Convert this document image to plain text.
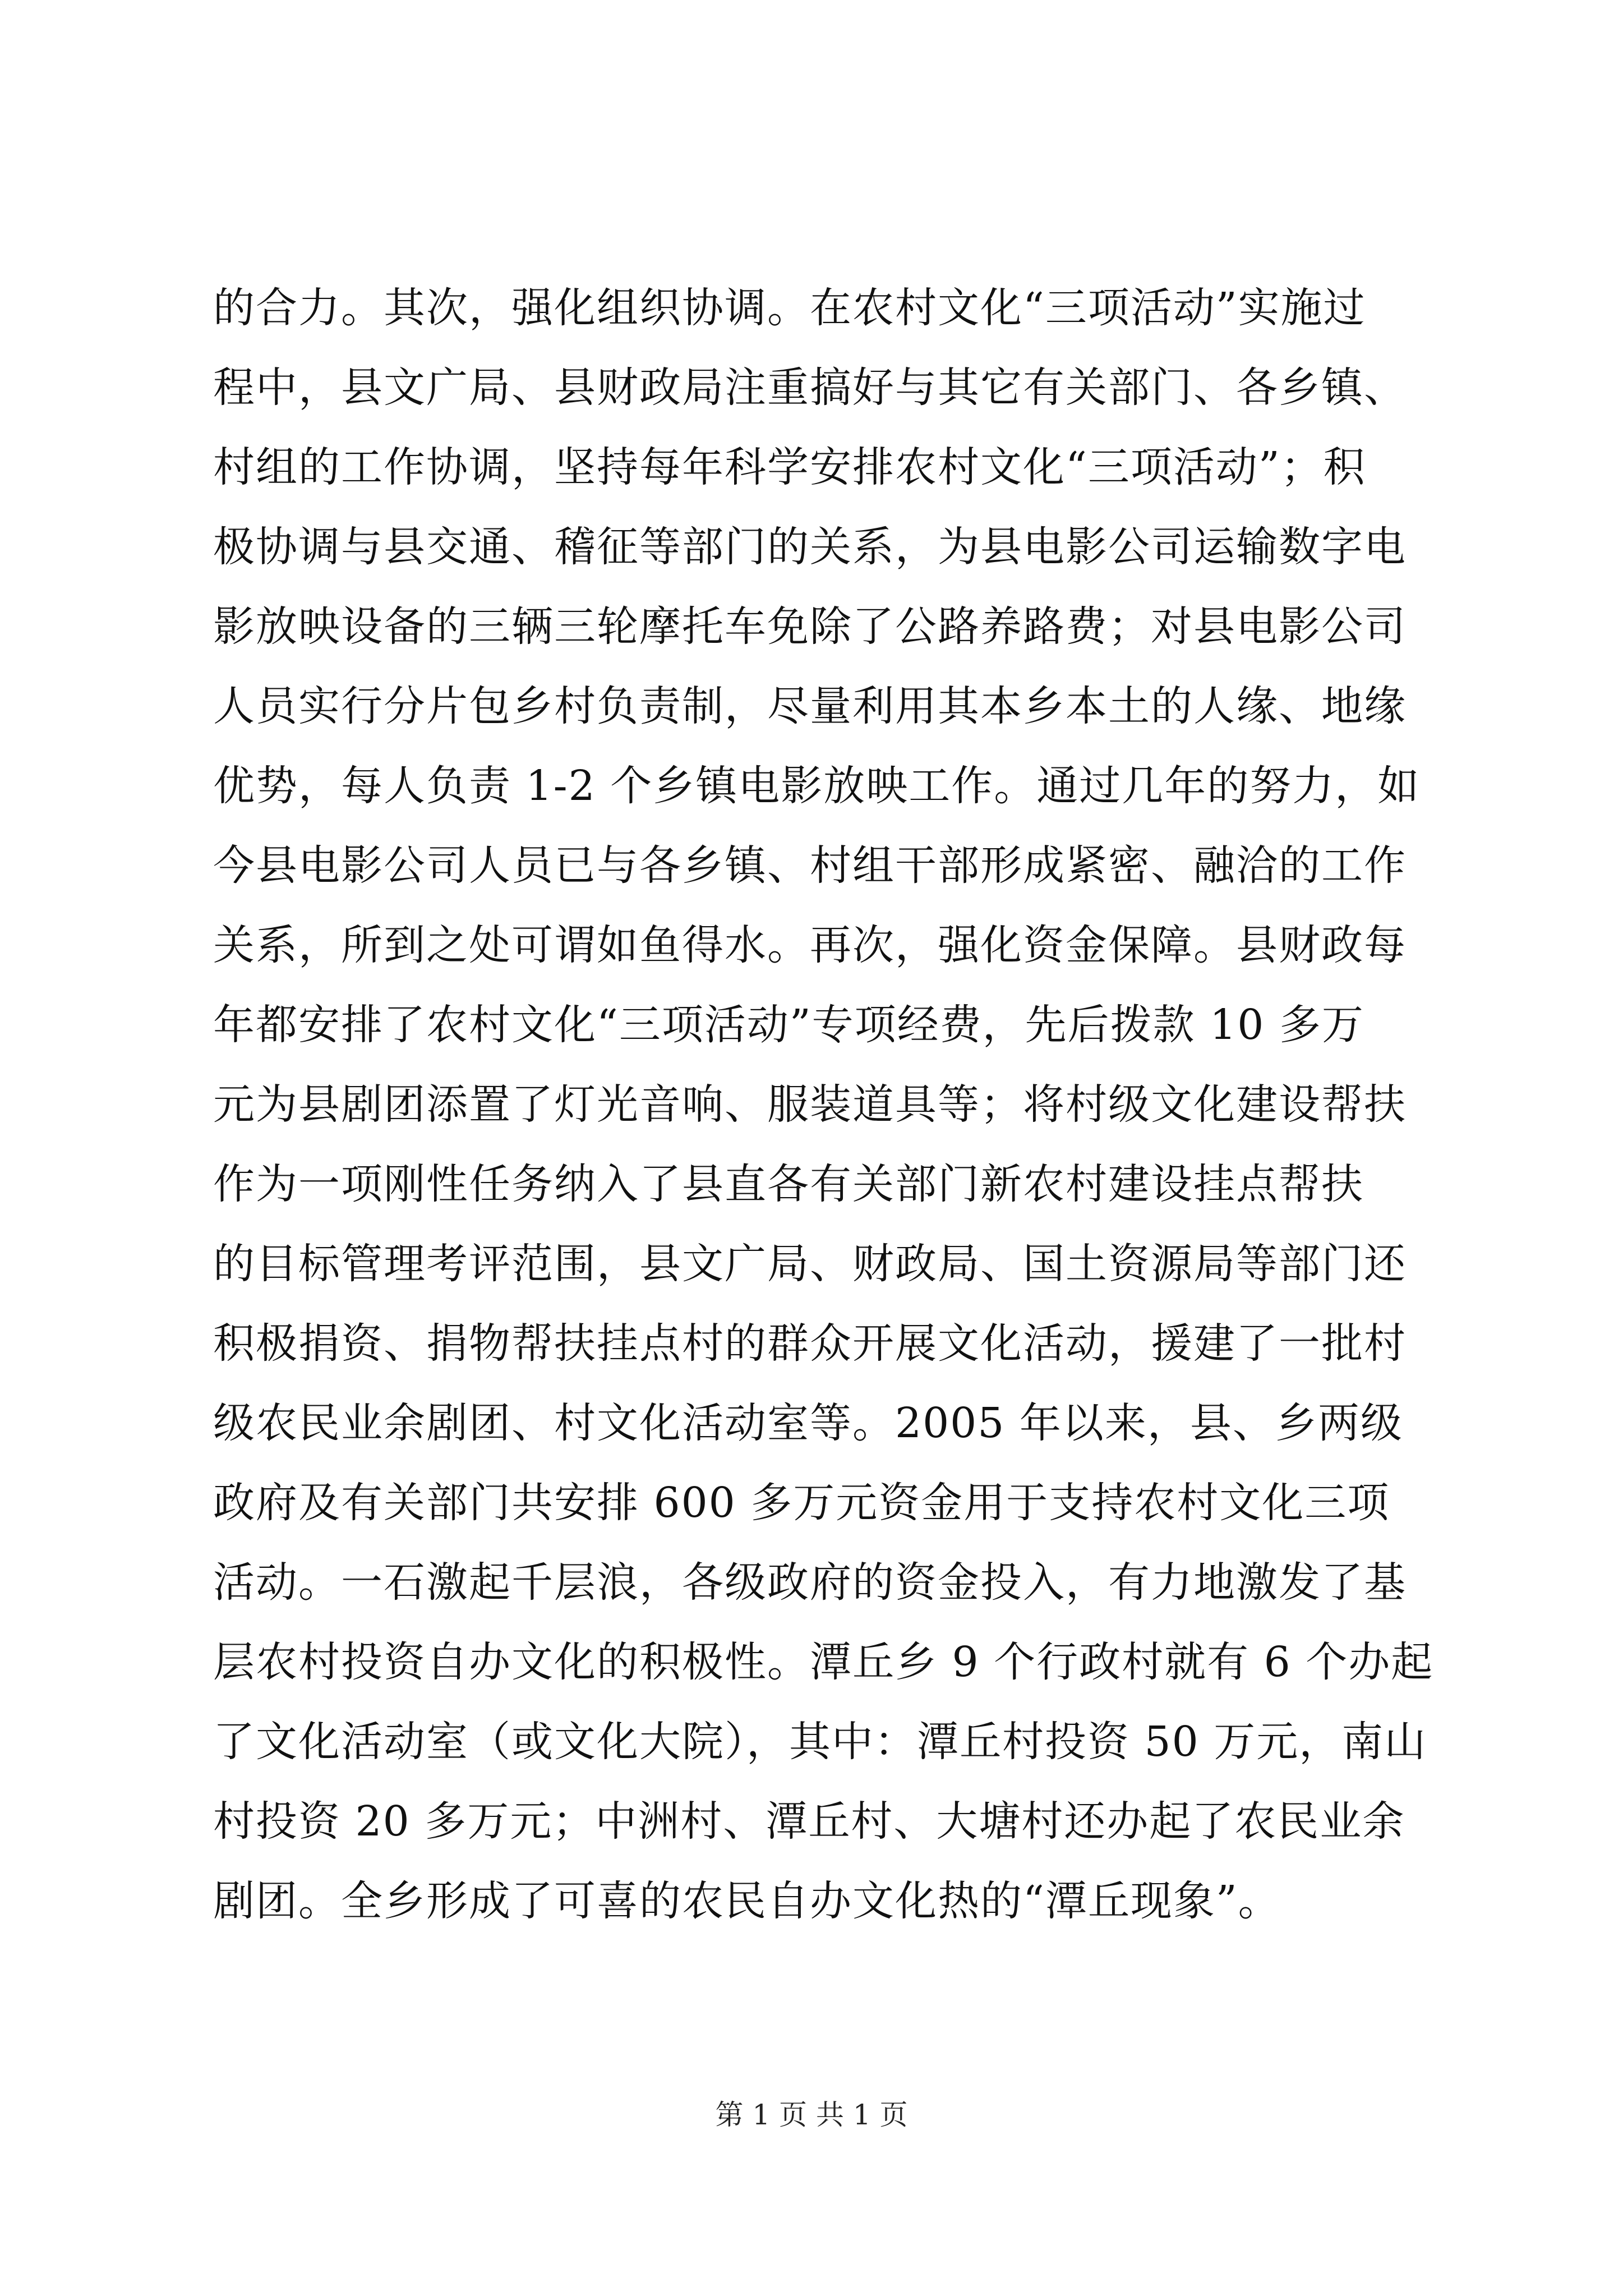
的合力。其次，强化组织协调。在农村文化“三项活动”实施过
程中，县文广局、县财政局注重搞好与其它有关部门、各乡镇、
村组的工作协调，坚持每年科学安排农村文化“三项活动”；积
极协调与县交通、稽征等部门的关系，为县电影公司运输数字电
影放映设备的三辆三轮摩托车免除了公路养路费；对县电影公司
人员实行分片包乡村负责制，尽量利用其本乡本土的人缘、地缘
优势，每人负责 1-2 个乡镇电影放映工作。通过几年的努力，如
今县电影公司人员已与各乡镇、村组干部形成紧密、融洽的工作
关系，所到之处可谓如鱼得水。再次，强化资金保障。县财政每
年都安排了农村文化“三项活动”专项经费，先后拨款 10 多万
元为县剧团添置了灯光音响、服装道具等；将村级文化建设帮扶
作为一项刚性任务纳入了县直各有关部门新农村建设挂点帮扶
的目标管理考评范围，县文广局、财政局、国土资源局等部门还
积极捐资、捐物帮扶挂点村的群众开展文化活动，援建了一批村
级农民业余剧团、村文化活动室等。2005 年以来，县、乡两级
政府及有关部门共安排 600 多万元资金用于支持农村文化三项
活动。一石激起千层浪，各级政府的资金投入，有力地激发了基
层农村投资自办文化的积极性。潭丘乡 9 个行政村就有 6 个办起
了文化活动室（或文化大院），其中：潭丘村投资 50 万元，南山
村投资 20 多万元；中洲村、潭丘村、大塘村还办起了农民业余
剧团。全乡形成了可喜的农民自办文化热的“潭丘现象”。
第 1 页 共 1 页
